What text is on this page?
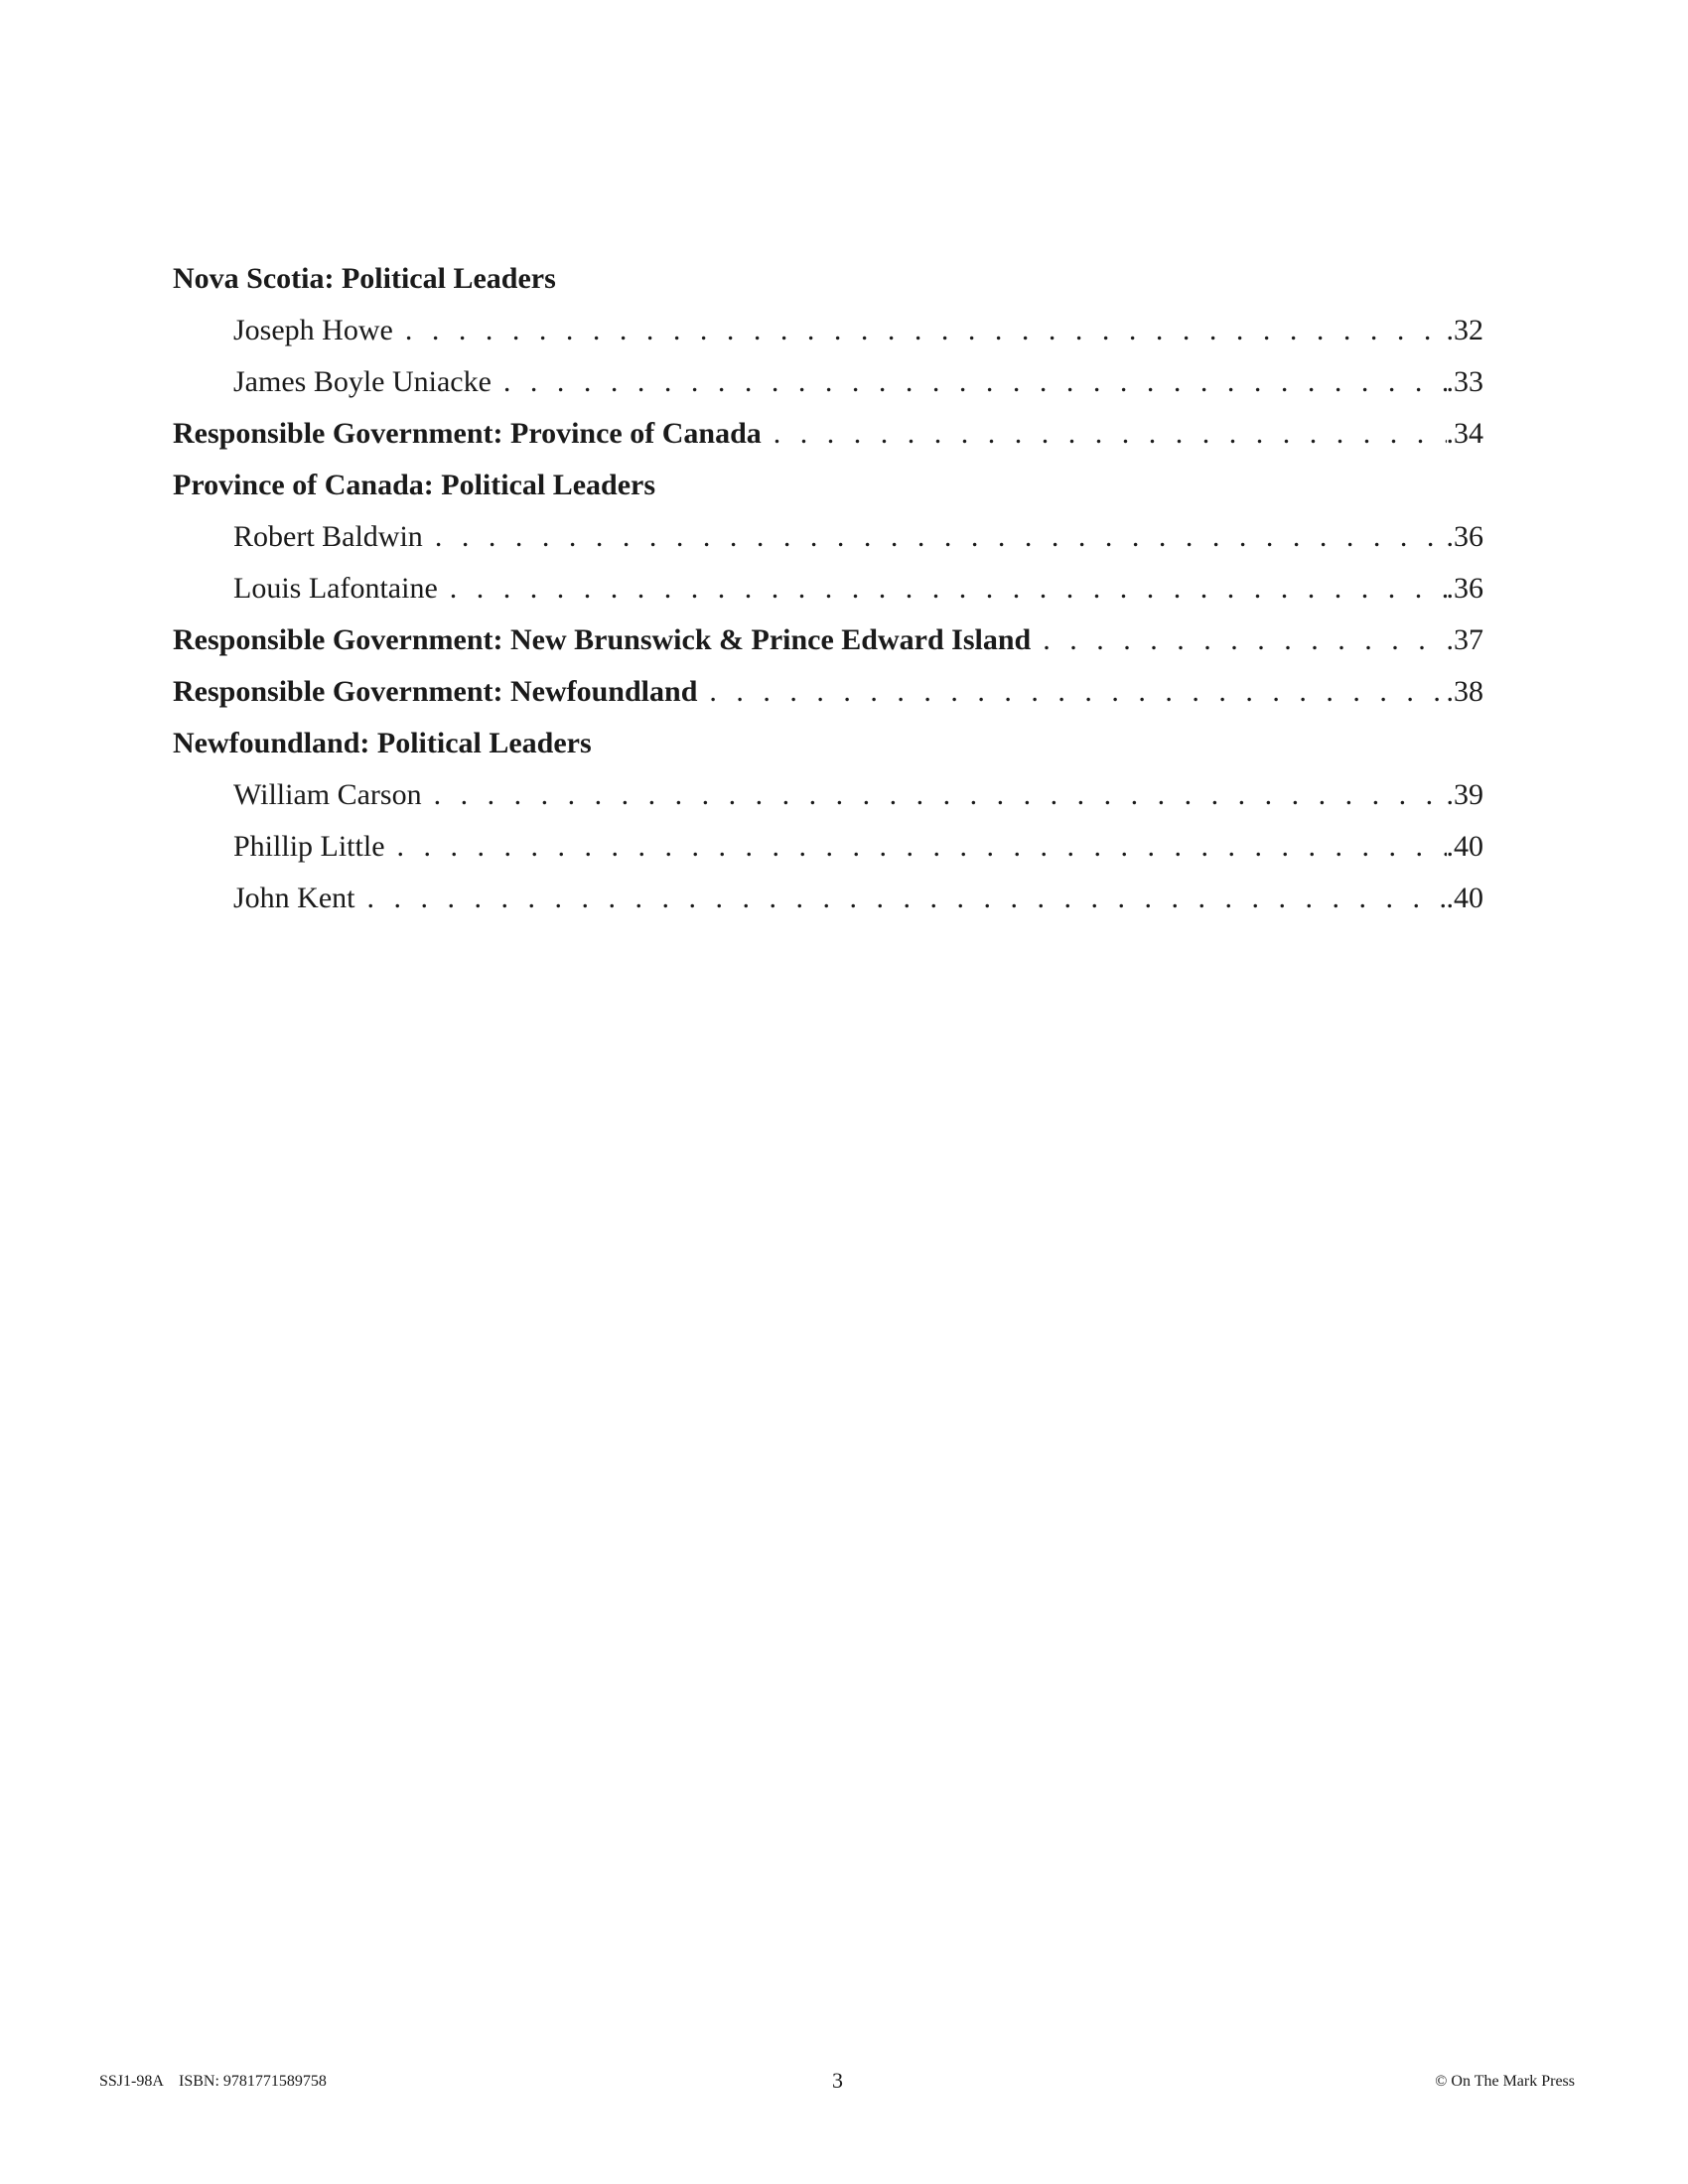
Nova Scotia: Political Leaders
Joseph Howe . . .	.32
James Boyle Uniacke . . .	.33
Responsible Government: Province of Canada . . .	.34
Province of Canada: Political Leaders
Robert Baldwin . . .	.36
Louis Lafontaine . . .	.36
Responsible Government: New Brunswick & Prince Edward Island . . .	.37
Responsible Government: Newfoundland . . .	.38
Newfoundland: Political Leaders
William Carson . . .	.39
Phillip Little . . .	.40
John Kent . . .	.40
SSJ1-98A    ISBN: 9781771589758	3	© On The Mark Press
